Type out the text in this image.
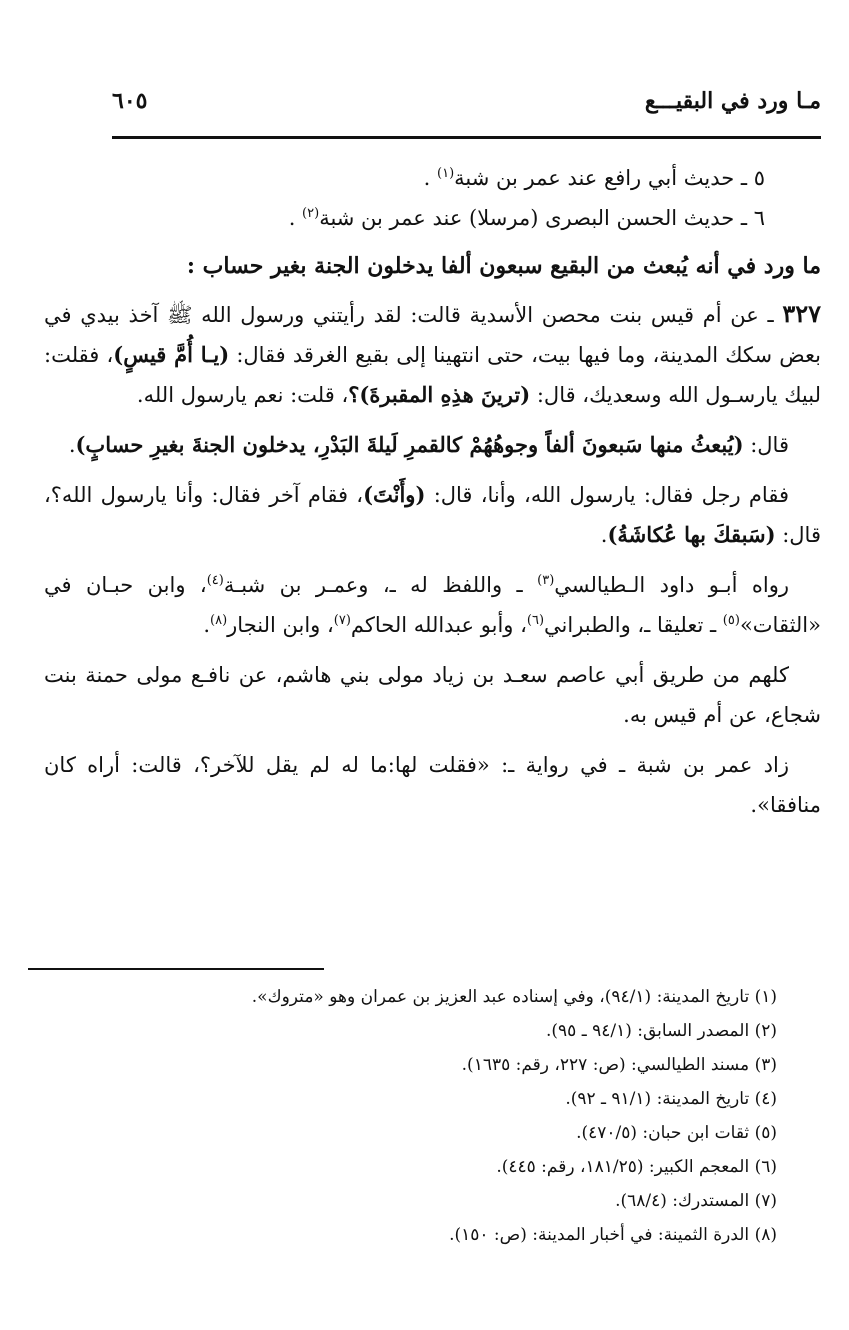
مـا ورد في البقيـــع
٦٠٥

٥ ـ حديث أبي رافع عند عمر بن شبة$^{(١)}$ .

٦ ـ حديث الحسن البصرى (مرسلا) عند عمر بن شبة$^{(٢)}$ .

ما ورد في أنه يُبعث من البقيع سبعون ألفا يدخلون الجنة بغير حساب :

٣٢٧ ـ عن أم قيس بنت محصن الأسدية قالت: لقد رأيتني ورسول الله ﷺ آخذ بيدي في بعض سكك المدينة، وما فيها بيت، حتى انتهينا إلى بقيع الغرقد فقال: (يـا أُمَّ قيسٍ)، فقلت: لبيك يارسـول الله وسعديك، قال: (ترينَ هذِهِ المقبرةَ)؟، قلت: نعم يارسول الله.

قال: (يُبعثُ منها سَبعونَ ألفاً وجوهُهُمْ كالقمرِ لَيلةَ البَدْرِ، يدخلون الجنةَ بغيرِ حسابٍ).

فقام رجل فقال: يارسول الله، وأنا، قال: (وأَنْتَ)، فقام آخر فقال: وأنا يارسول الله؟، قال: (سَبقكَ بها عُكاشَةُ).

رواه أبـو داود الـطيالسي$^{(٣)}$ ـ واللفظ له ـ، وعمـر بن شبـة$^{(٤)}$، وابن حبـان في «الثقات»$^{(٥)}$ ـ تعليقا ـ، والطبراني$^{(٦)}$، وأبو عبدالله الحاكم$^{(٧)}$، وابن النجار$^{(٨)}$.

كلهم من طريق أبي عاصم سعـد بن زياد مولى بني هاشم، عن نافـع مولى حمنة بنت شجاع، عن أم قيس به.

زاد عمر بن شبة ـ في رواية ـ: «فقلت لها:ما له لم يقل للآخر؟، قالت: أراه كان منافقا».

(١) تاريخ المدينة: (٩٤/١)، وفي إسناده عبد العزيز بن عمران وهو «متروك».

(٢) المصدر السابق: (٩٤/١ ـ ٩٥).

(٣) مسند الطيالسي: (ص: ٢٢٧، رقم: ١٦٣٥).

(٤) تاريخ المدينة: (٩١/١ ـ ٩٢).

(٥) ثقات ابن حبان: (٤٧٠/٥).

(٦) المعجم الكبير: (١٨١/٢٥، رقم: ٤٤٥).

(٧) المستدرك: (٦٨/٤).

(٨) الدرة الثمينة: في أخبار المدينة: (ص: ١٥٠).
